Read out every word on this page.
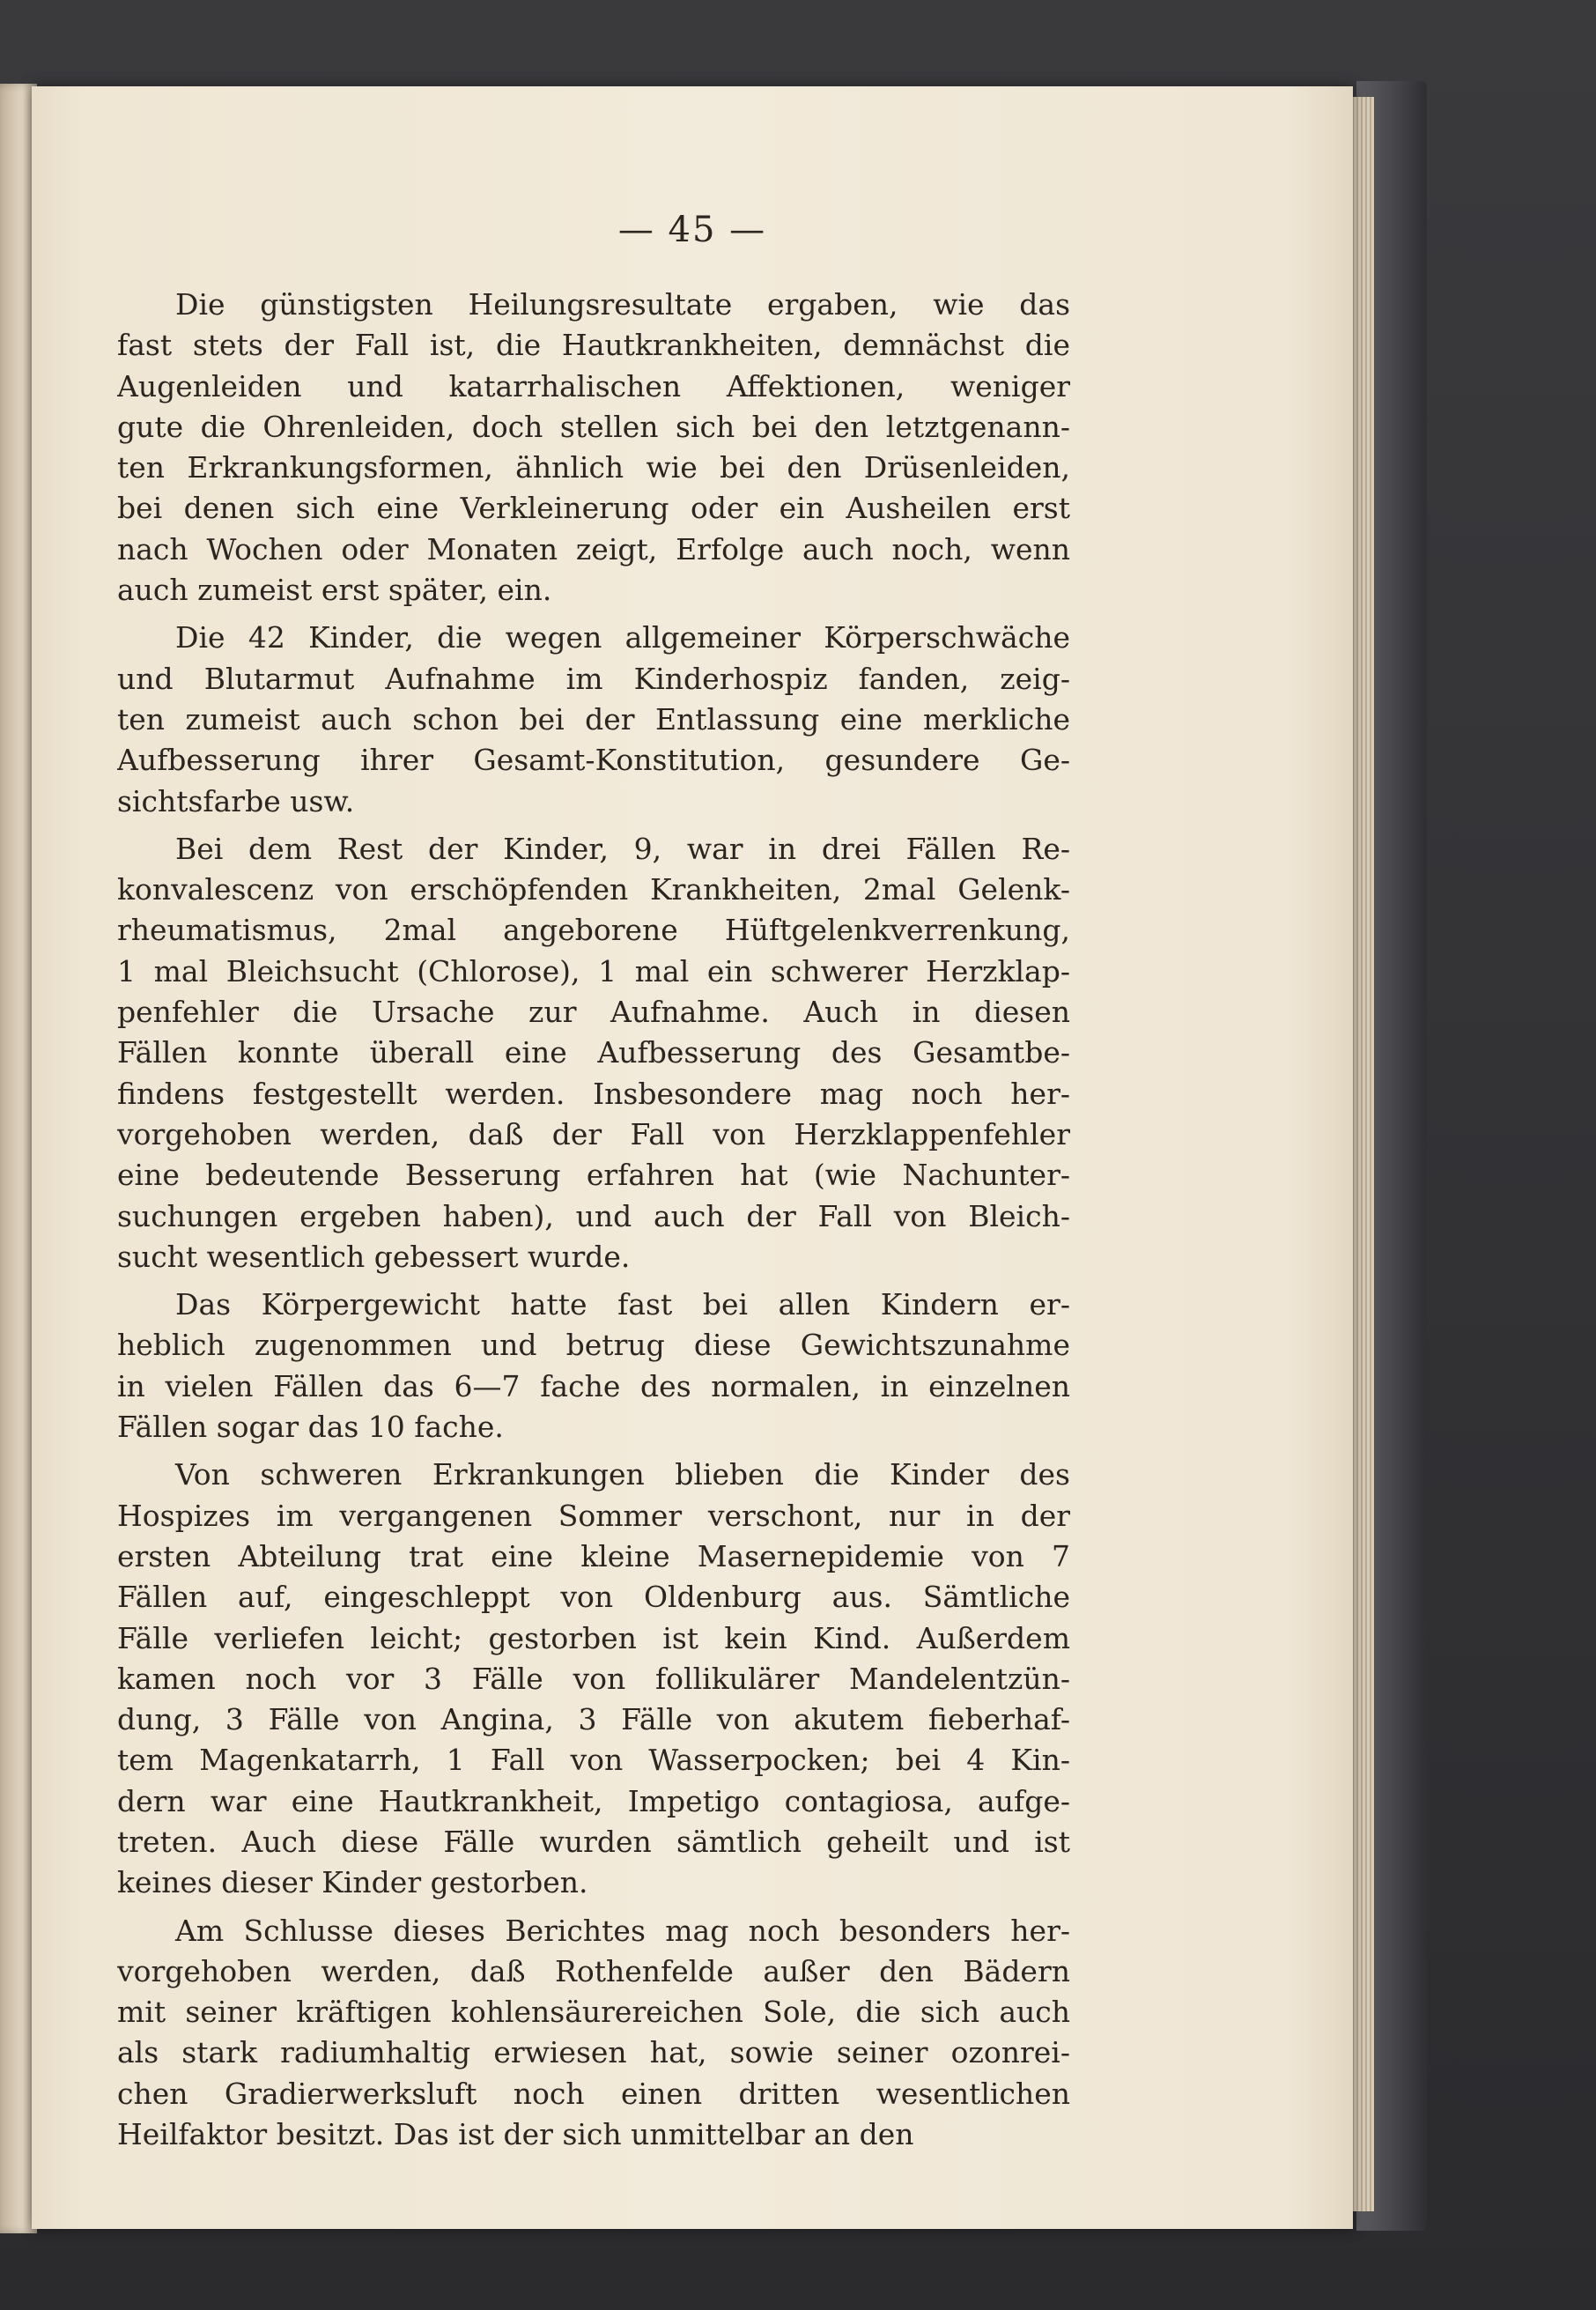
— 45 —
Die günstigsten Heilungsresultate ergaben, wie das
fast stets der Fall ist, die Hautkrankheiten, demnächst die
Augenleiden und katarrhalischen Affektionen, weniger
gute die Ohrenleiden, doch stellen sich bei den letztgenann-
ten Erkrankungsformen, ähnlich wie bei den Drüsenleiden,
bei denen sich eine Verkleinerung oder ein Ausheilen erst
nach Wochen oder Monaten zeigt, Erfolge auch noch, wenn
auch zumeist erst später, ein.
Die 42 Kinder, die wegen allgemeiner Körperschwäche
und Blutarmut Aufnahme im Kinderhospiz fanden, zeig-
ten zumeist auch schon bei der Entlassung eine merkliche
Aufbesserung ihrer Gesamt-Konstitution, gesundere Ge-
sichtsfarbe usw.
Bei dem Rest der Kinder, 9, war in drei Fällen Re-
konvalescenz von erschöpfenden Krankheiten, 2mal Gelenk-
rheumatismus, 2mal angeborene Hüftgelenkverrenkung,
1 mal Bleichsucht (Chlorose), 1 mal ein schwerer Herzklap-
penfehler die Ursache zur Aufnahme. Auch in diesen
Fällen konnte überall eine Aufbesserung des Gesamtbe-
findens festgestellt werden. Insbesondere mag noch her-
vorgehoben werden, daß der Fall von Herzklappenfehler
eine bedeutende Besserung erfahren hat (wie Nachunter-
suchungen ergeben haben), und auch der Fall von Bleich-
sucht wesentlich gebessert wurde.
Das Körpergewicht hatte fast bei allen Kindern er-
heblich zugenommen und betrug diese Gewichtszunahme
in vielen Fällen das 6—7 fache des normalen, in einzelnen
Fällen sogar das 10 fache.
Von schweren Erkrankungen blieben die Kinder des
Hospizes im vergangenen Sommer verschont, nur in der
ersten Abteilung trat eine kleine Masernepidemie von 7
Fällen auf, eingeschleppt von Oldenburg aus. Sämtliche
Fälle verliefen leicht; gestorben ist kein Kind. Außerdem
kamen noch vor 3 Fälle von follikulärer Mandelentzün-
dung, 3 Fälle von Angina, 3 Fälle von akutem fieberhaf-
tem Magenkatarrh, 1 Fall von Wasserpocken; bei 4 Kin-
dern war eine Hautkrankheit, Impetigo contagiosa, aufge-
treten. Auch diese Fälle wurden sämtlich geheilt und ist
keines dieser Kinder gestorben.
Am Schlusse dieses Berichtes mag noch besonders her-
vorgehoben werden, daß Rothenfelde außer den Bädern
mit seiner kräftigen kohlensäurereichen Sole, die sich auch
als stark radiumhaltig erwiesen hat, sowie seiner ozonrei-
chen Gradierwerksluft noch einen dritten wesentlichen
Heilfaktor besitzt. Das ist der sich unmittelbar an den
